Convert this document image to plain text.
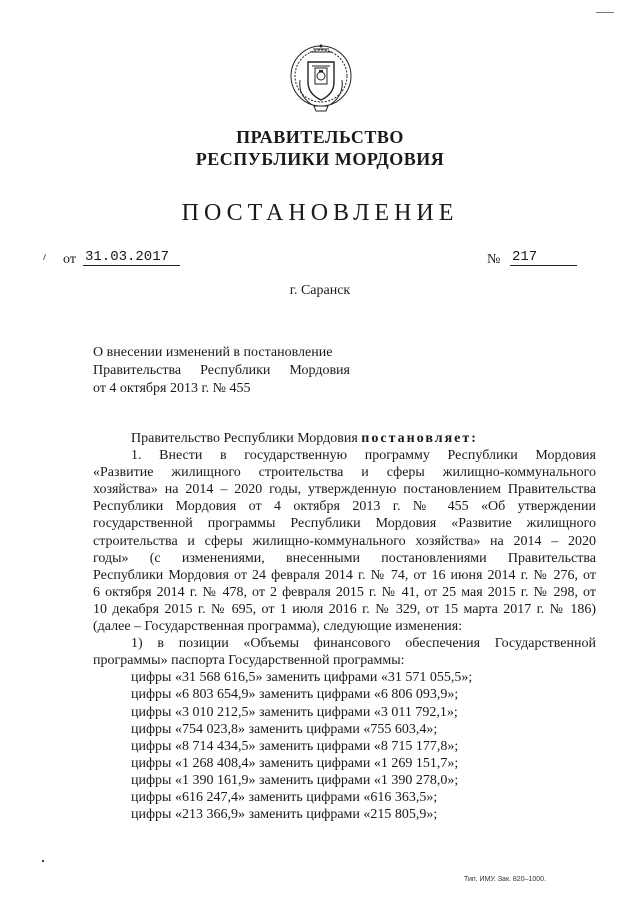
ПРАВИТЕЛЬСТВО
РЕСПУБЛИКИ МОРДОВИЯ
ПОСТАНОВЛЕНИЕ
от 31.03.2017	№ 217
г. Саранск
О внесении изменений в постановление
Правительства Республики Мордовия
от 4 октября 2013 г. № 455
Правительство Республики Мордовия постановляет:
1. Внести в государственную программу Республики Мордовия
«Развитие жилищного строительства и сферы жилищно-коммунального
хозяйства» на 2014 – 2020 годы, утвержденную постановлением Правительства
Республики Мордовия от 4 октября 2013 г. № 455 «Об утверждении
государственной программы Республики Мордовия «Развитие жилищного
строительства и сферы жилищно-коммунального хозяйства» на 2014 – 2020
годы» (с изменениями, внесенными постановлениями Правительства
Республики Мордовия от 24 февраля 2014 г. № 74, от 16 июня 2014 г. № 276, от
6 октября 2014 г. № 478, от 2 февраля 2015 г. № 41, от 25 мая 2015 г. № 298, от
10 декабря 2015 г. № 695, от 1 июля 2016 г. № 329, от 15 марта 2017 г. № 186)
(далее – Государственная программа), следующие изменения:
1) в позиции «Объемы финансового обеспечения Государственной
программы» паспорта Государственной программы:
цифры «31 568 616,5» заменить цифрами «31 571 055,5»;
цифры «6 803 654,9» заменить цифрами «6 806 093,9»;
цифры «3 010 212,5» заменить цифрами «3 011 792,1»;
цифры «754 023,8» заменить цифрами «755 603,4»;
цифры «8 714 434,5» заменить цифрами «8 715 177,8»;
цифры «1 268 408,4» заменить цифрами «1 269 151,7»;
цифры «1 390 161,9» заменить цифрами «1 390 278,0»;
цифры «616 247,4» заменить цифрами «616 363,5»;
цифры «213 366,9» заменить цифрами «215 805,9»;
Тип. ИМУ. Зак. 820–1000.
